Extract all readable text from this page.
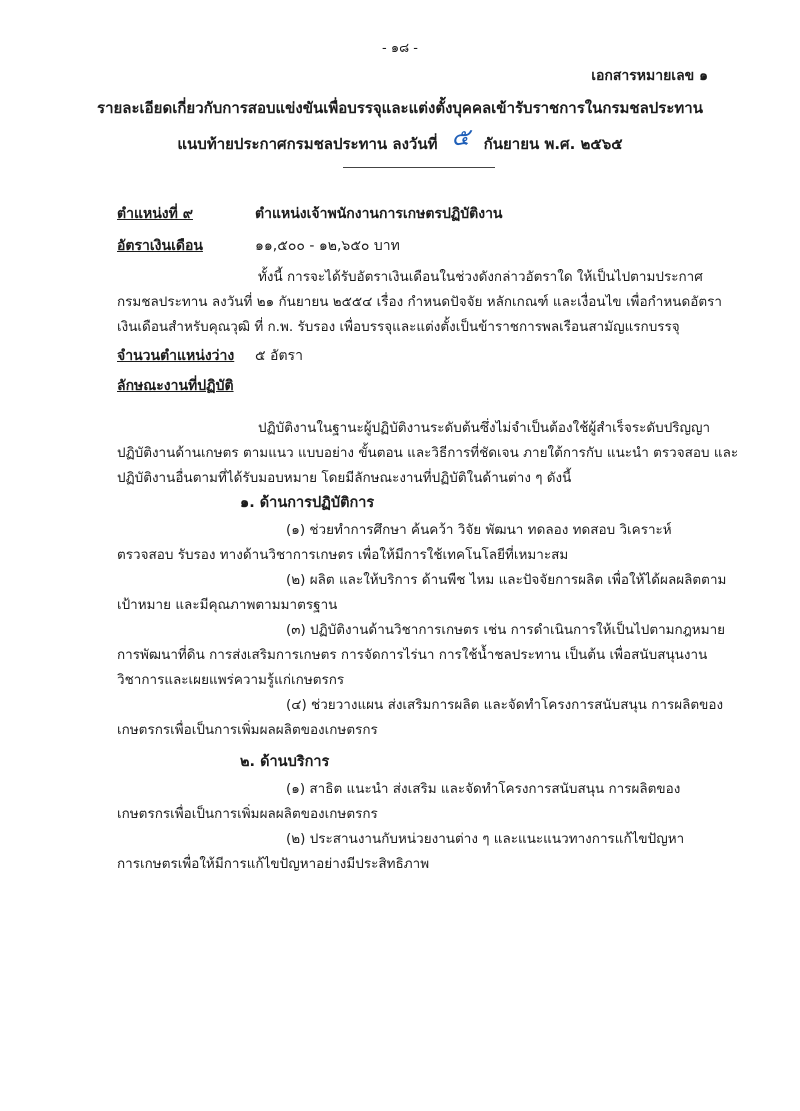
- ๑๘ -
เอกสารหมายเลข ๑
รายละเอียดเกี่ยวกับการสอบแข่งขันเพื่อบรรจุและแต่งตั้งบุคคลเข้ารับราชการในกรมชลประทาน
แนบท้ายประกาศกรมชลประทาน ลงวันที่ ๕ กันยายน พ.ศ. ๒๕๖๕
ตำแหน่งที่ ๙	ตำแหน่งเจ้าพนักงานการเกษตรปฏิบัติงาน
อัตราเงินเดือน	๑๑,๕๐๐ - ๑๒,๖๕๐ บาท
ทั้งนี้ การจะได้รับอัตราเงินเดือนในช่วงดังกล่าวอัตราใด ให้เป็นไปตามประกาศ
กรมชลประทาน ลงวันที่ ๒๑ กันยายน ๒๕๕๔ เรื่อง กำหนดปัจจัย หลักเกณฑ์ และเงื่อนไข เพื่อกำหนดอัตรา
เงินเดือนสำหรับคุณวุฒิ ที่ ก.พ. รับรอง เพื่อบรรจุและแต่งตั้งเป็นข้าราชการพลเรือนสามัญแรกบรรจุ
จำนวนตำแหน่งว่าง ๕ อัตรา
ลักษณะงานที่ปฏิบัติ
ปฏิบัติงานในฐานะผู้ปฏิบัติงานระดับต้นซึ่งไม่จำเป็นต้องใช้ผู้สำเร็จระดับปริญญา
ปฏิบัติงานด้านเกษตร ตามแนว แบบอย่าง ขั้นตอน และวิธีการที่ชัดเจน ภายใต้การกับ แนะนำ ตรวจสอบ และ
ปฏิบัติงานอื่นตามที่ได้รับมอบหมาย โดยมีลักษณะงานที่ปฏิบัติในด้านต่าง ๆ ดังนี้
๑. ด้านการปฏิบัติการ
(๑) ช่วยทำการศึกษา ค้นคว้า วิจัย พัฒนา ทดลอง ทดสอบ วิเคราะห์
ตรวจสอบ รับรอง ทางด้านวิชาการเกษตร เพื่อให้มีการใช้เทคโนโลยีที่เหมาะสม
(๒) ผลิต และให้บริการ ด้านพืช ไหม และปัจจัยการผลิต เพื่อให้ได้ผลผลิตตาม
เป้าหมาย และมีคุณภาพตามมาตรฐาน
(๓) ปฏิบัติงานด้านวิชาการเกษตร เช่น การดำเนินการให้เป็นไปตามกฎหมาย
การพัฒนาที่ดิน การส่งเสริมการเกษตร การจัดการไร่นา การใช้น้ำชลประทาน เป็นต้น เพื่อสนับสนุนงาน
วิชาการและเผยแพร่ความรู้แก่เกษตรกร
(๔) ช่วยวางแผน ส่งเสริมการผลิต และจัดทำโครงการสนับสนุน การผลิตของ
เกษตรกรเพื่อเป็นการเพิ่มผลผลิตของเกษตรกร
๒. ด้านบริการ
(๑) สาธิต แนะนำ ส่งเสริม และจัดทำโครงการสนับสนุน การผลิตของ
เกษตรกรเพื่อเป็นการเพิ่มผลผลิตของเกษตรกร
(๒) ประสานงานกับหน่วยงานต่าง ๆ และแนะแนวทางการแก้ไขปัญหา
การเกษตรเพื่อให้มีการแก้ไขปัญหาอย่างมีประสิทธิภาพ
